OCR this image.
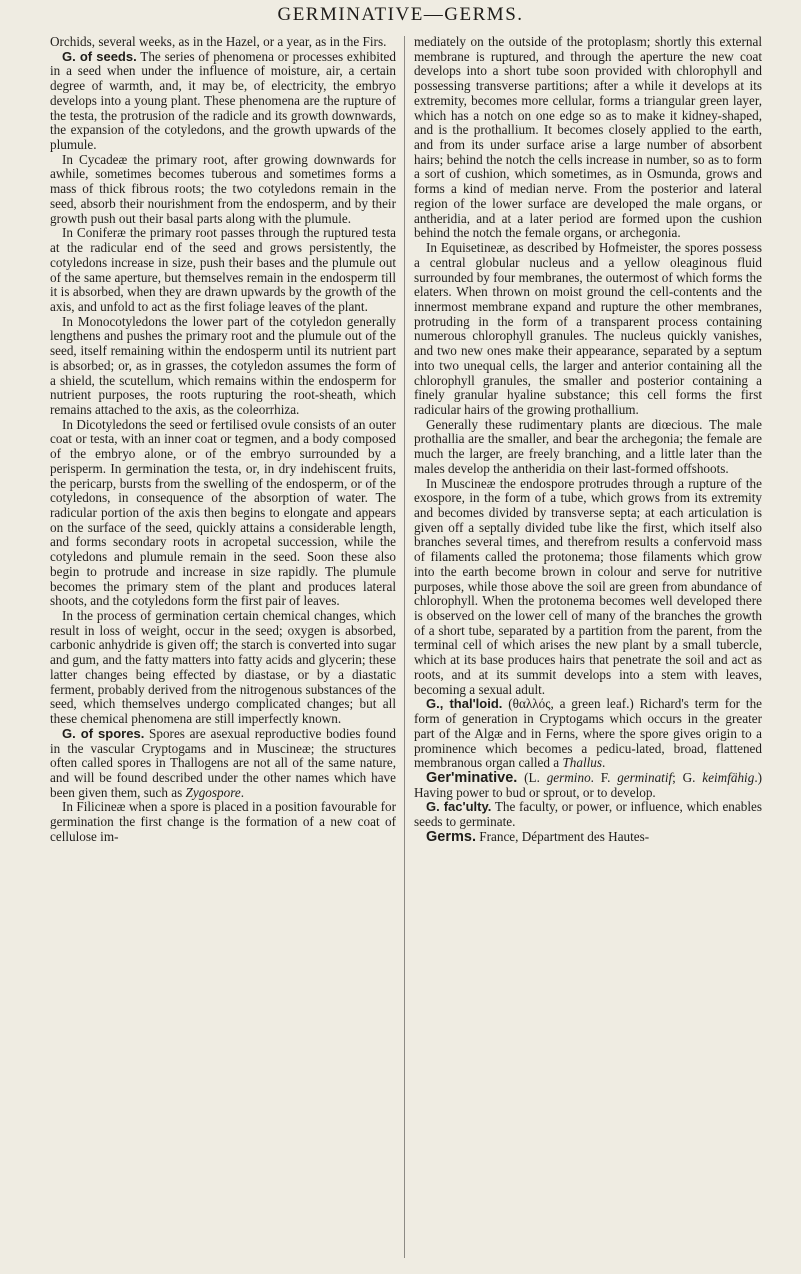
GERMINATIVE—GERMS.

Orchids, several weeks, as in the Hazel, or a year, as in the Firs.

G. of seeds. The series of phenomena or processes exhibited in a seed when under the influence of moisture, air, a certain degree of warmth, and, it may be, of electricity, the embryo develops into a young plant. These phenomena are the rupture of the testa, the protrusion of the radicle and its growth downwards, the expansion of the cotyledons, and the growth upwards of the plumule.

In Cycadeæ the primary root, after growing downwards for awhile, sometimes becomes tuberous and sometimes forms a mass of thick fibrous roots; the two cotyledons remain in the seed, absorb their nourishment from the endosperm, and by their growth push out their basal parts along with the plumule.

In Coniferæ the primary root passes through the ruptured testa at the radicular end of the seed and grows persistently, the cotyledons increase in size, push their bases and the plumule out of the same aperture, but themselves remain in the endosperm till it is absorbed, when they are drawn upwards by the growth of the axis, and unfold to act as the first foliage leaves of the plant.

In Monocotyledons the lower part of the cotyledon generally lengthens and pushes the primary root and the plumule out of the seed, itself remaining within the endosperm until its nutrient part is absorbed; or, as in grasses, the cotyledon assumes the form of a shield, the scutellum, which remains within the endosperm for nutrient purposes, the roots rupturing the root-sheath, which remains attached to the axis, as the coleorrhiza.

In Dicotyledons the seed or fertilised ovule consists of an outer coat or testa, with an inner coat or tegmen, and a body composed of the embryo alone, or of the embryo surrounded by a perisperm. In germination the testa, or, in dry indehiscent fruits, the pericarp, bursts from the swelling of the endosperm, or of the cotyledons, in consequence of the absorption of water. The radicular portion of the axis then begins to elongate and appears on the surface of the seed, quickly attains a considerable length, and forms secondary roots in acropetal succession, while the cotyledons and plumule remain in the seed. Soon these also begin to protrude and increase in size rapidly. The plumule becomes the primary stem of the plant and produces lateral shoots, and the cotyledons form the first pair of leaves.

In the process of germination certain chemical changes, which result in loss of weight, occur in the seed; oxygen is absorbed, carbonic anhydride is given off; the starch is converted into sugar and gum, and the fatty matters into fatty acids and glycerin; these latter changes being effected by diastase, or by a diastatic ferment, probably derived from the nitrogenous substances of the seed, which themselves undergo complicated changes; but all these chemical phenomena are still imperfectly known.

G. of spores. Spores are asexual reproductive bodies found in the vascular Cryptogams and in Muscineæ; the structures often called spores in Thallogens are not all of the same nature, and will be found described under the other names which have been given them, such as Zygospore.

In Filicineæ when a spore is placed in a position favourable for germination the first change is the formation of a new coat of cellulose im-

mediately on the outside of the protoplasm; shortly this external membrane is ruptured, and through the aperture the new coat develops into a short tube soon provided with chlorophyll and possessing transverse partitions; after a while it develops at its extremity, becomes more cellular, forms a triangular green layer, which has a notch on one edge so as to make it kidney-shaped, and is the prothallium. It becomes closely applied to the earth, and from its under surface arise a large number of absorbent hairs; behind the notch the cells increase in number, so as to form a sort of cushion, which sometimes, as in Osmunda, grows and forms a kind of median nerve. From the posterior and lateral region of the lower surface are developed the male organs, or antheridia, and at a later period are formed upon the cushion behind the notch the female organs, or archegonia.

In Equisetineæ, as described by Hofmeister, the spores possess a central globular nucleus and a yellow oleaginous fluid surrounded by four membranes, the outermost of which forms the elaters. When thrown on moist ground the cell-contents and the innermost membrane expand and rupture the other membranes, protruding in the form of a transparent process containing numerous chlorophyll granules. The nucleus quickly vanishes, and two new ones make their appearance, separated by a septum into two unequal cells, the larger and anterior containing all the chlorophyll granules, the smaller and posterior containing a finely granular hyaline substance; this cell forms the first radicular hairs of the growing prothallium.

Generally these rudimentary plants are diœcious. The male prothallia are the smaller, and bear the archegonia; the female are much the larger, are freely branching, and a little later than the males develop the antheridia on their last-formed offshoots.

In Muscineæ the endospore protrudes through a rupture of the exospore, in the form of a tube, which grows from its extremity and becomes divided by transverse septa; at each articulation is given off a septally divided tube like the first, which itself also branches several times, and therefrom results a confervoid mass of filaments called the protonema; those filaments which grow into the earth become brown in colour and serve for nutritive purposes, while those above the soil are green from abundance of chlorophyll. When the protonema becomes well developed there is observed on the lower cell of many of the branches the growth of a short tube, separated by a partition from the parent, from the terminal cell of which arises the new plant by a small tubercle, which at its base produces hairs that penetrate the soil and act as roots, and at its summit develops into a stem with leaves, becoming a sexual adult.

G., thal'loid. (θαλλός, a green leaf.) Richard's term for the form of generation in Cryptogams which occurs in the greater part of the Algæ and in Ferns, where the spore gives origin to a prominence which becomes a pedicu-lated, broad, flattened membranous organ called a Thallus.

Ger'minative. (L. germino. F. germinatif; G. keimfähig.) Having power to bud or sprout, or to develop.

G. fac'ulty. The faculty, or power, or influence, which enables seeds to germinate.

Germs. France, Départment des Hautes-
